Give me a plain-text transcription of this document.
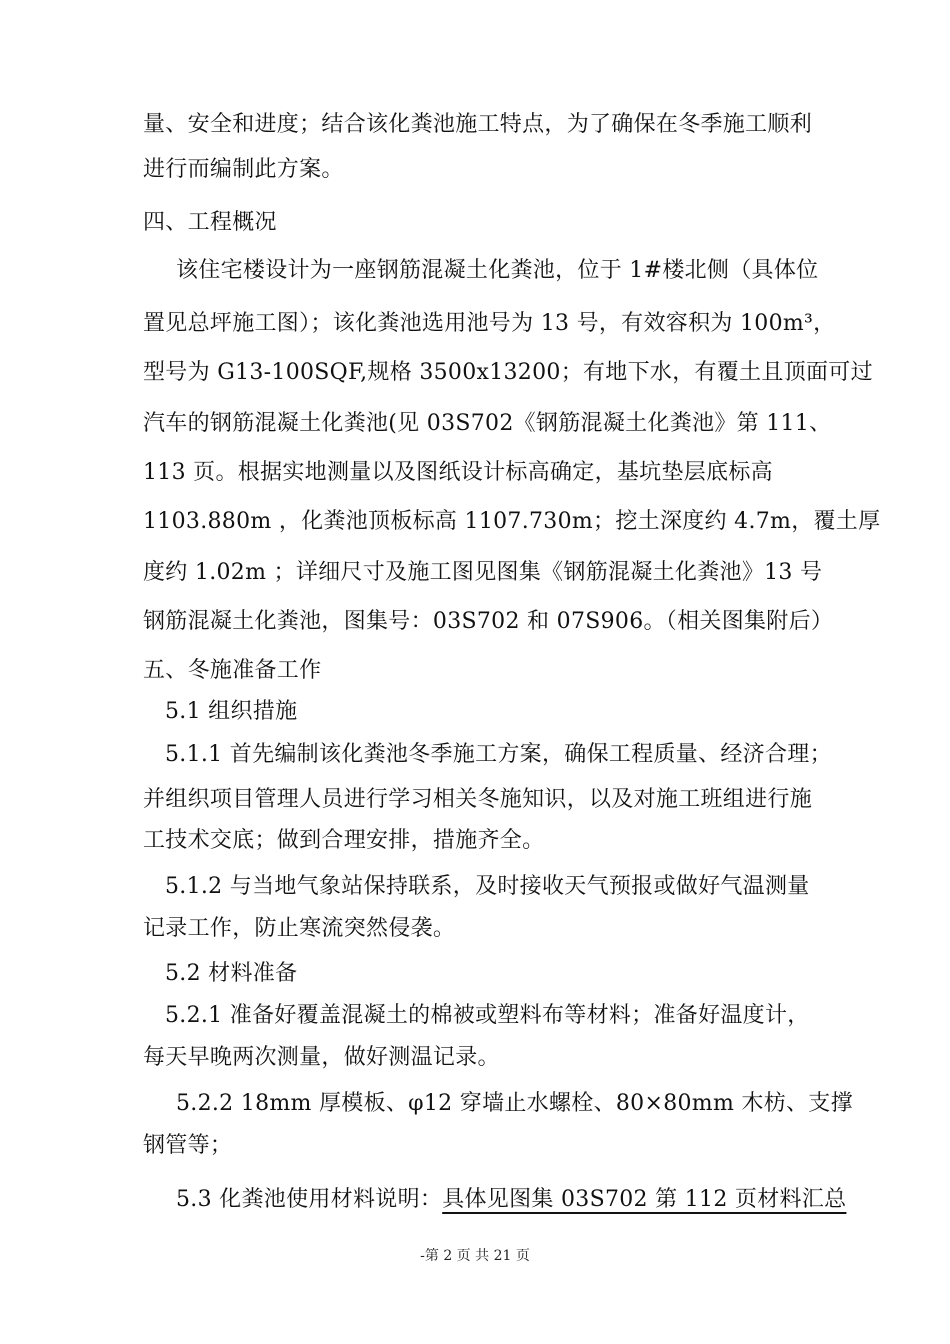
量、安全和进度；结合该化粪池施工特点，为了确保在冬季施工顺利
进行而编制此方案。
四、工程概况
该住宅楼设计为一座钢筋混凝土化粪池，位于 1#楼北侧（具体位
置见总坪施工图）；该化粪池选用池号为 13 号，有效容积为 100m³，
型号为 G13-100SQF,规格 3500x13200；有地下水，有覆土且顶面可过
汽车的钢筋混凝土化粪池(见 03S702《钢筋混凝土化粪池》第 111、
113 页。根据实地测量以及图纸设计标高确定，基坑垫层底标高
1103.880m ，化粪池顶板标高 1107.730m；挖土深度约 4.7m，覆土厚
度约 1.02m ；详细尺寸及施工图见图集《钢筋混凝土化粪池》13 号
钢筋混凝土化粪池，图集号：03S702 和 07S906。（相关图集附后）
五、冬施准备工作
5.1 组织措施
5.1.1 首先编制该化粪池冬季施工方案，确保工程质量、经济合理；
并组织项目管理人员进行学习相关冬施知识，以及对施工班组进行施
工技术交底；做到合理安排，措施齐全。
5.1.2 与当地气象站保持联系，及时接收天气预报或做好气温测量
记录工作，防止寒流突然侵袭。
5.2 材料准备
5.2.1 准备好覆盖混凝土的棉被或塑料布等材料；准备好温度计，
每天早晚两次测量，做好测温记录。
5.2.2 18mm 厚模板、φ12 穿墙止水螺栓、80×80mm 木枋、支撑
钢管等；
5.3 化粪池使用材料说明：具体见图集 03S702 第 112 页材料汇总
-第 2 页 共 21 页
